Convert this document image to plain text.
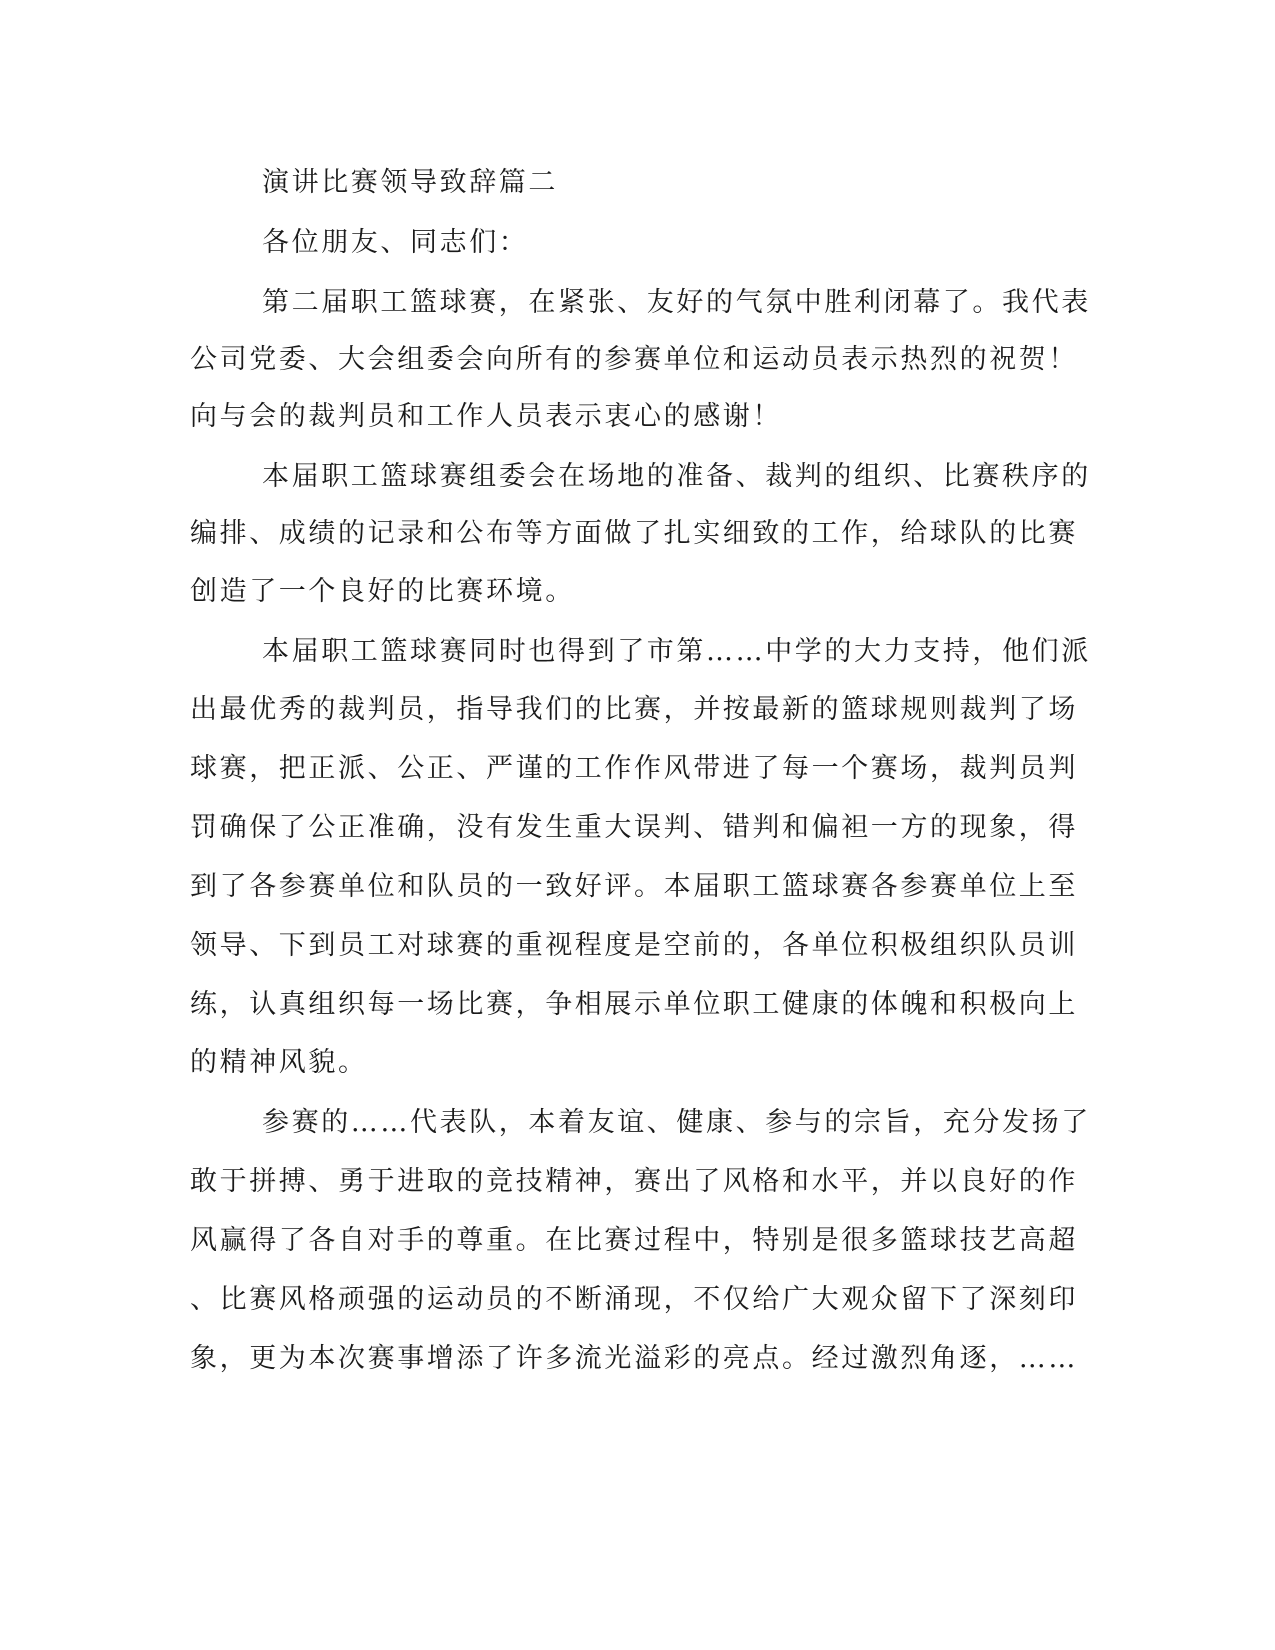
演讲比赛领导致辞篇二
各位朋友、同志们：
第二届职工篮球赛，在紧张、友好的气氛中胜利闭幕了。我代表
公司党委、大会组委会向所有的参赛单位和运动员表示热烈的祝贺！
向与会的裁判员和工作人员表示衷心的感谢！
本届职工篮球赛组委会在场地的准备、裁判的组织、比赛秩序的
编排、成绩的记录和公布等方面做了扎实细致的工作，给球队的比赛
创造了一个良好的比赛环境。
本届职工篮球赛同时也得到了市第……中学的大力支持，他们派
出最优秀的裁判员，指导我们的比赛，并按最新的篮球规则裁判了场
球赛，把正派、公正、严谨的工作作风带进了每一个赛场，裁判员判
罚确保了公正准确，没有发生重大误判、错判和偏袒一方的现象，得
到了各参赛单位和队员的一致好评。本届职工篮球赛各参赛单位上至
领导、下到员工对球赛的重视程度是空前的，各单位积极组织队员训
练，认真组织每一场比赛，争相展示单位职工健康的体魄和积极向上
的精神风貌。
参赛的……代表队，本着友谊、健康、参与的宗旨，充分发扬了
敢于拼搏、勇于进取的竞技精神，赛出了风格和水平，并以良好的作
风赢得了各自对手的尊重。在比赛过程中，特别是很多篮球技艺高超
、比赛风格顽强的运动员的不断涌现，不仅给广大观众留下了深刻印
象，更为本次赛事增添了许多流光溢彩的亮点。经过激烈角逐，……
